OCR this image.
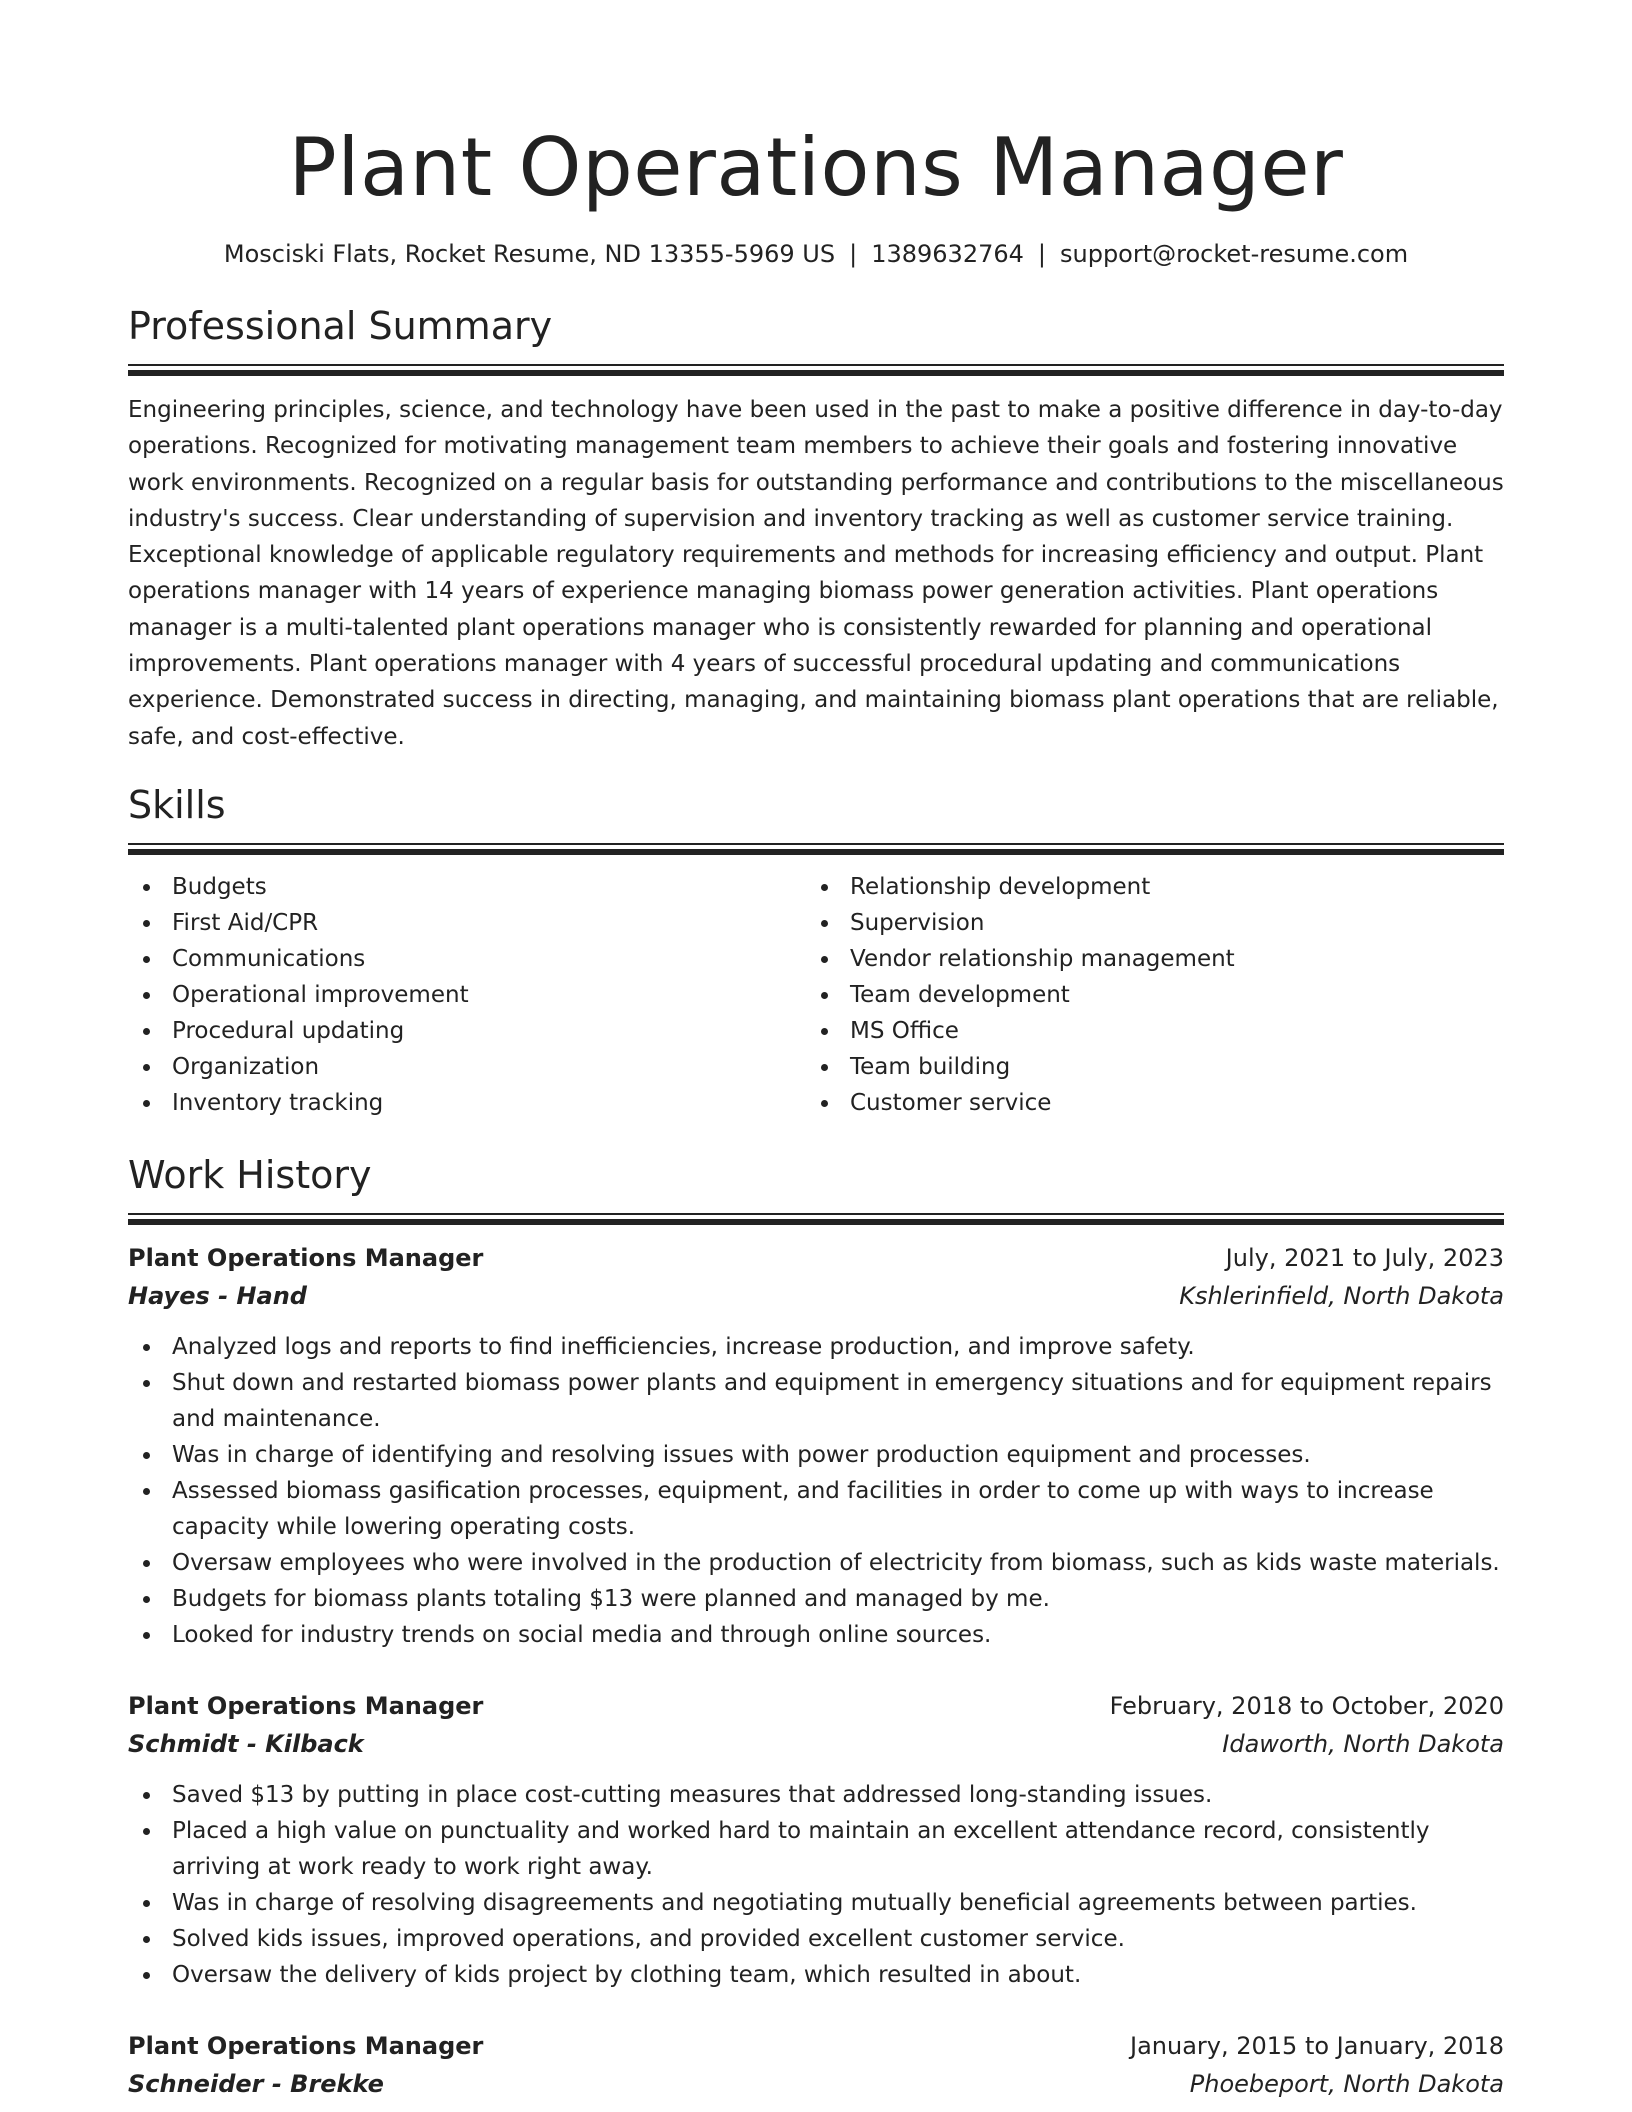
Plant Operations Manager
Mosciski Flats, Rocket Resume, ND 13355-5969 US | 1389632764 | support@rocket-resume.com
Professional Summary

Engineering principles, science, and technology have been used in the past to make a positive difference in day-to-day operations. Recognized for motivating management team members to achieve their goals and fostering innovative work environments. Recognized on a regular basis for outstanding performance and contributions to the miscellaneous industry's success. Clear understanding of supervision and inventory tracking as well as customer service training. Exceptional knowledge of applicable regulatory requirements and methods for increasing efficiency and output. Plant operations manager with 14 years of experience managing biomass power generation activities. Plant operations manager is a multi-talented plant operations manager who is consistently rewarded for planning and operational improvements. Plant operations manager with 4 years of successful procedural updating and communications experience. Demonstrated success in directing, managing, and maintaining biomass plant operations that are reliable, safe, and cost-effective.

Skills
Budgets
First Aid/CPR
Communications
Operational improvement
Procedural updating
Organization
Inventory tracking
Relationship development
Supervision
Vendor relationship management
Team development
MS Office
Team building
Customer service
Work History
Plant Operations Manager	July, 2021 to July, 2023
Hayes - Hand	Kshlerinfield, North Dakota
Analyzed logs and reports to find inefficiencies, increase production, and improve safety.
Shut down and restarted biomass power plants and equipment in emergency situations and for equipment repairs and maintenance.
Was in charge of identifying and resolving issues with power production equipment and processes.
Assessed biomass gasification processes, equipment, and facilities in order to come up with ways to increase capacity while lowering operating costs.
Oversaw employees who were involved in the production of electricity from biomass, such as kids waste materials.
Budgets for biomass plants totaling $13 were planned and managed by me.
Looked for industry trends on social media and through online sources.
Plant Operations Manager	February, 2018 to October, 2020
Schmidt - Kilback	Idaworth, North Dakota
Saved $13 by putting in place cost-cutting measures that addressed long-standing issues.
Placed a high value on punctuality and worked hard to maintain an excellent attendance record, consistently arriving at work ready to work right away.
Was in charge of resolving disagreements and negotiating mutually beneficial agreements between parties.
Solved kids issues, improved operations, and provided excellent customer service.
Oversaw the delivery of kids project by clothing team, which resulted in about.
Plant Operations Manager	January, 2015 to January, 2018
Schneider - Brekke	Phoebeport, North Dakota
